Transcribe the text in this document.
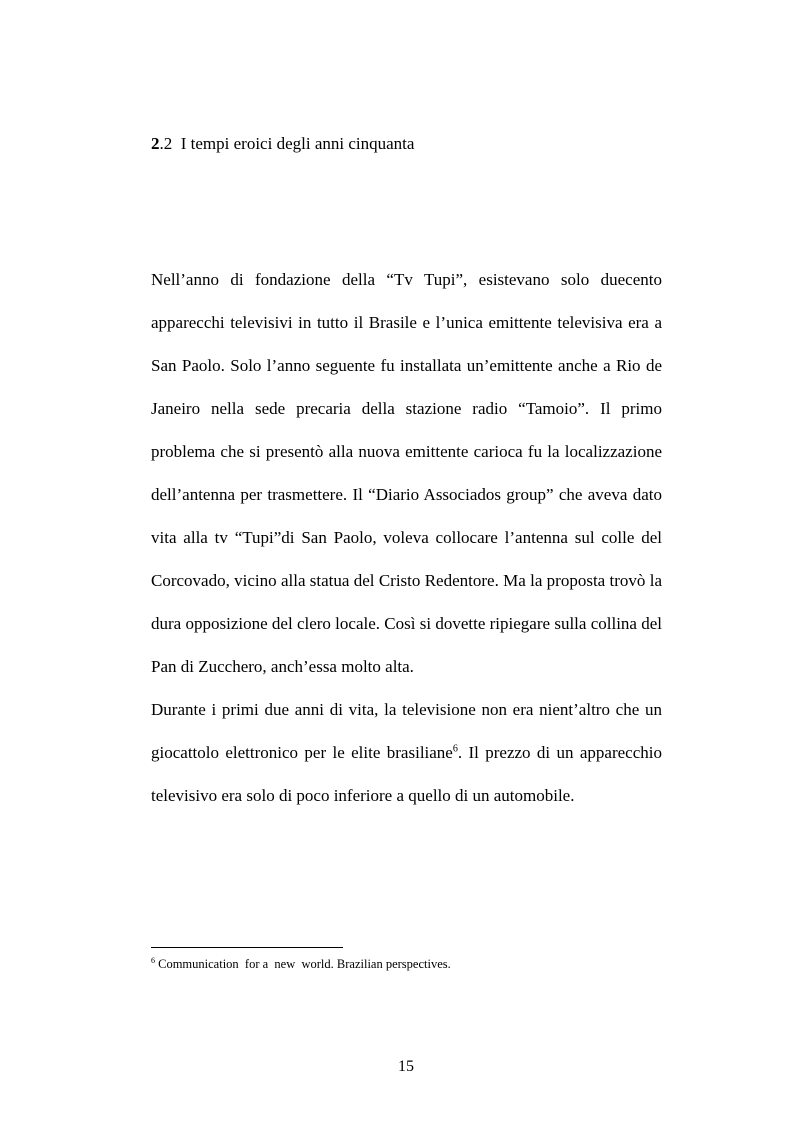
2.2 I tempi eroici degli anni cinquanta

Nell’anno di fondazione della “Tv Tupi”, esistevano solo duecento apparecchi televisivi in tutto il Brasile e l’unica emittente televisiva era a San Paolo. Solo l’anno seguente fu installata un’emittente anche a Rio de Janeiro nella sede precaria della stazione radio “Tamoio”. Il primo problema che si presentò alla nuova emittente carioca fu la localizzazione dell’antenna per trasmettere. Il “Diario Associados group” che aveva dato vita alla tv “Tupi”di San Paolo, voleva collocare l’antenna sul colle del Corcovado, vicino alla statua del Cristo Redentore. Ma la proposta trovò la dura opposizione del clero locale. Così si dovette ripiegare sulla collina del Pan di Zucchero, anch’essa molto alta.

Durante i primi due anni di vita, la televisione non era nient’altro che un giocattolo elettronico per le elite brasiliane$^6$. Il prezzo di un apparecchio televisivo era solo di poco inferiore a quello di un automobile.

$^6$ Communication  for a  new  world. Brazilian perspectives.
15
